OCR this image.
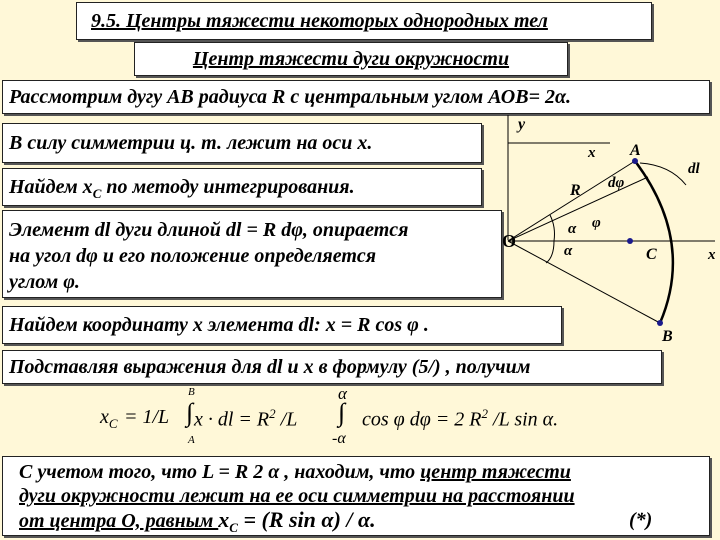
9.5. Центры тяжести некоторых однородных тел
Центр тяжести дуги окружности
Рассмотрим дугу АВ радиуса R с центральным углом АОВ= 2α.
В силу симметрии ц. т. лежит на оси х.
Найдем $х_С$ по методу интегрирования.
Элемент dl дуги длиной dl = R dφ, опирается
на угол dφ и его положение определяется
углом φ.
Найдем координату х элемента dl: х = R cos φ .
Подставляя выражения для dl и х в формулу (5/) , получим
$x_C = 1/L$
B
∫
A
x · dl = $R^2$ /L
α
∫
-α
cos φ dφ = 2 $R^2$ /L sin α.
С учетом того, что L = R 2 α , находим, что центр тяжести
дуги окружности лежит на ее оси симметрии на расстоянии
от центра О, равным $x_C = (R$ sin α) / α.	(*)
y
x A
dl
dφ
R
φ
α
α
O
C	x
B
